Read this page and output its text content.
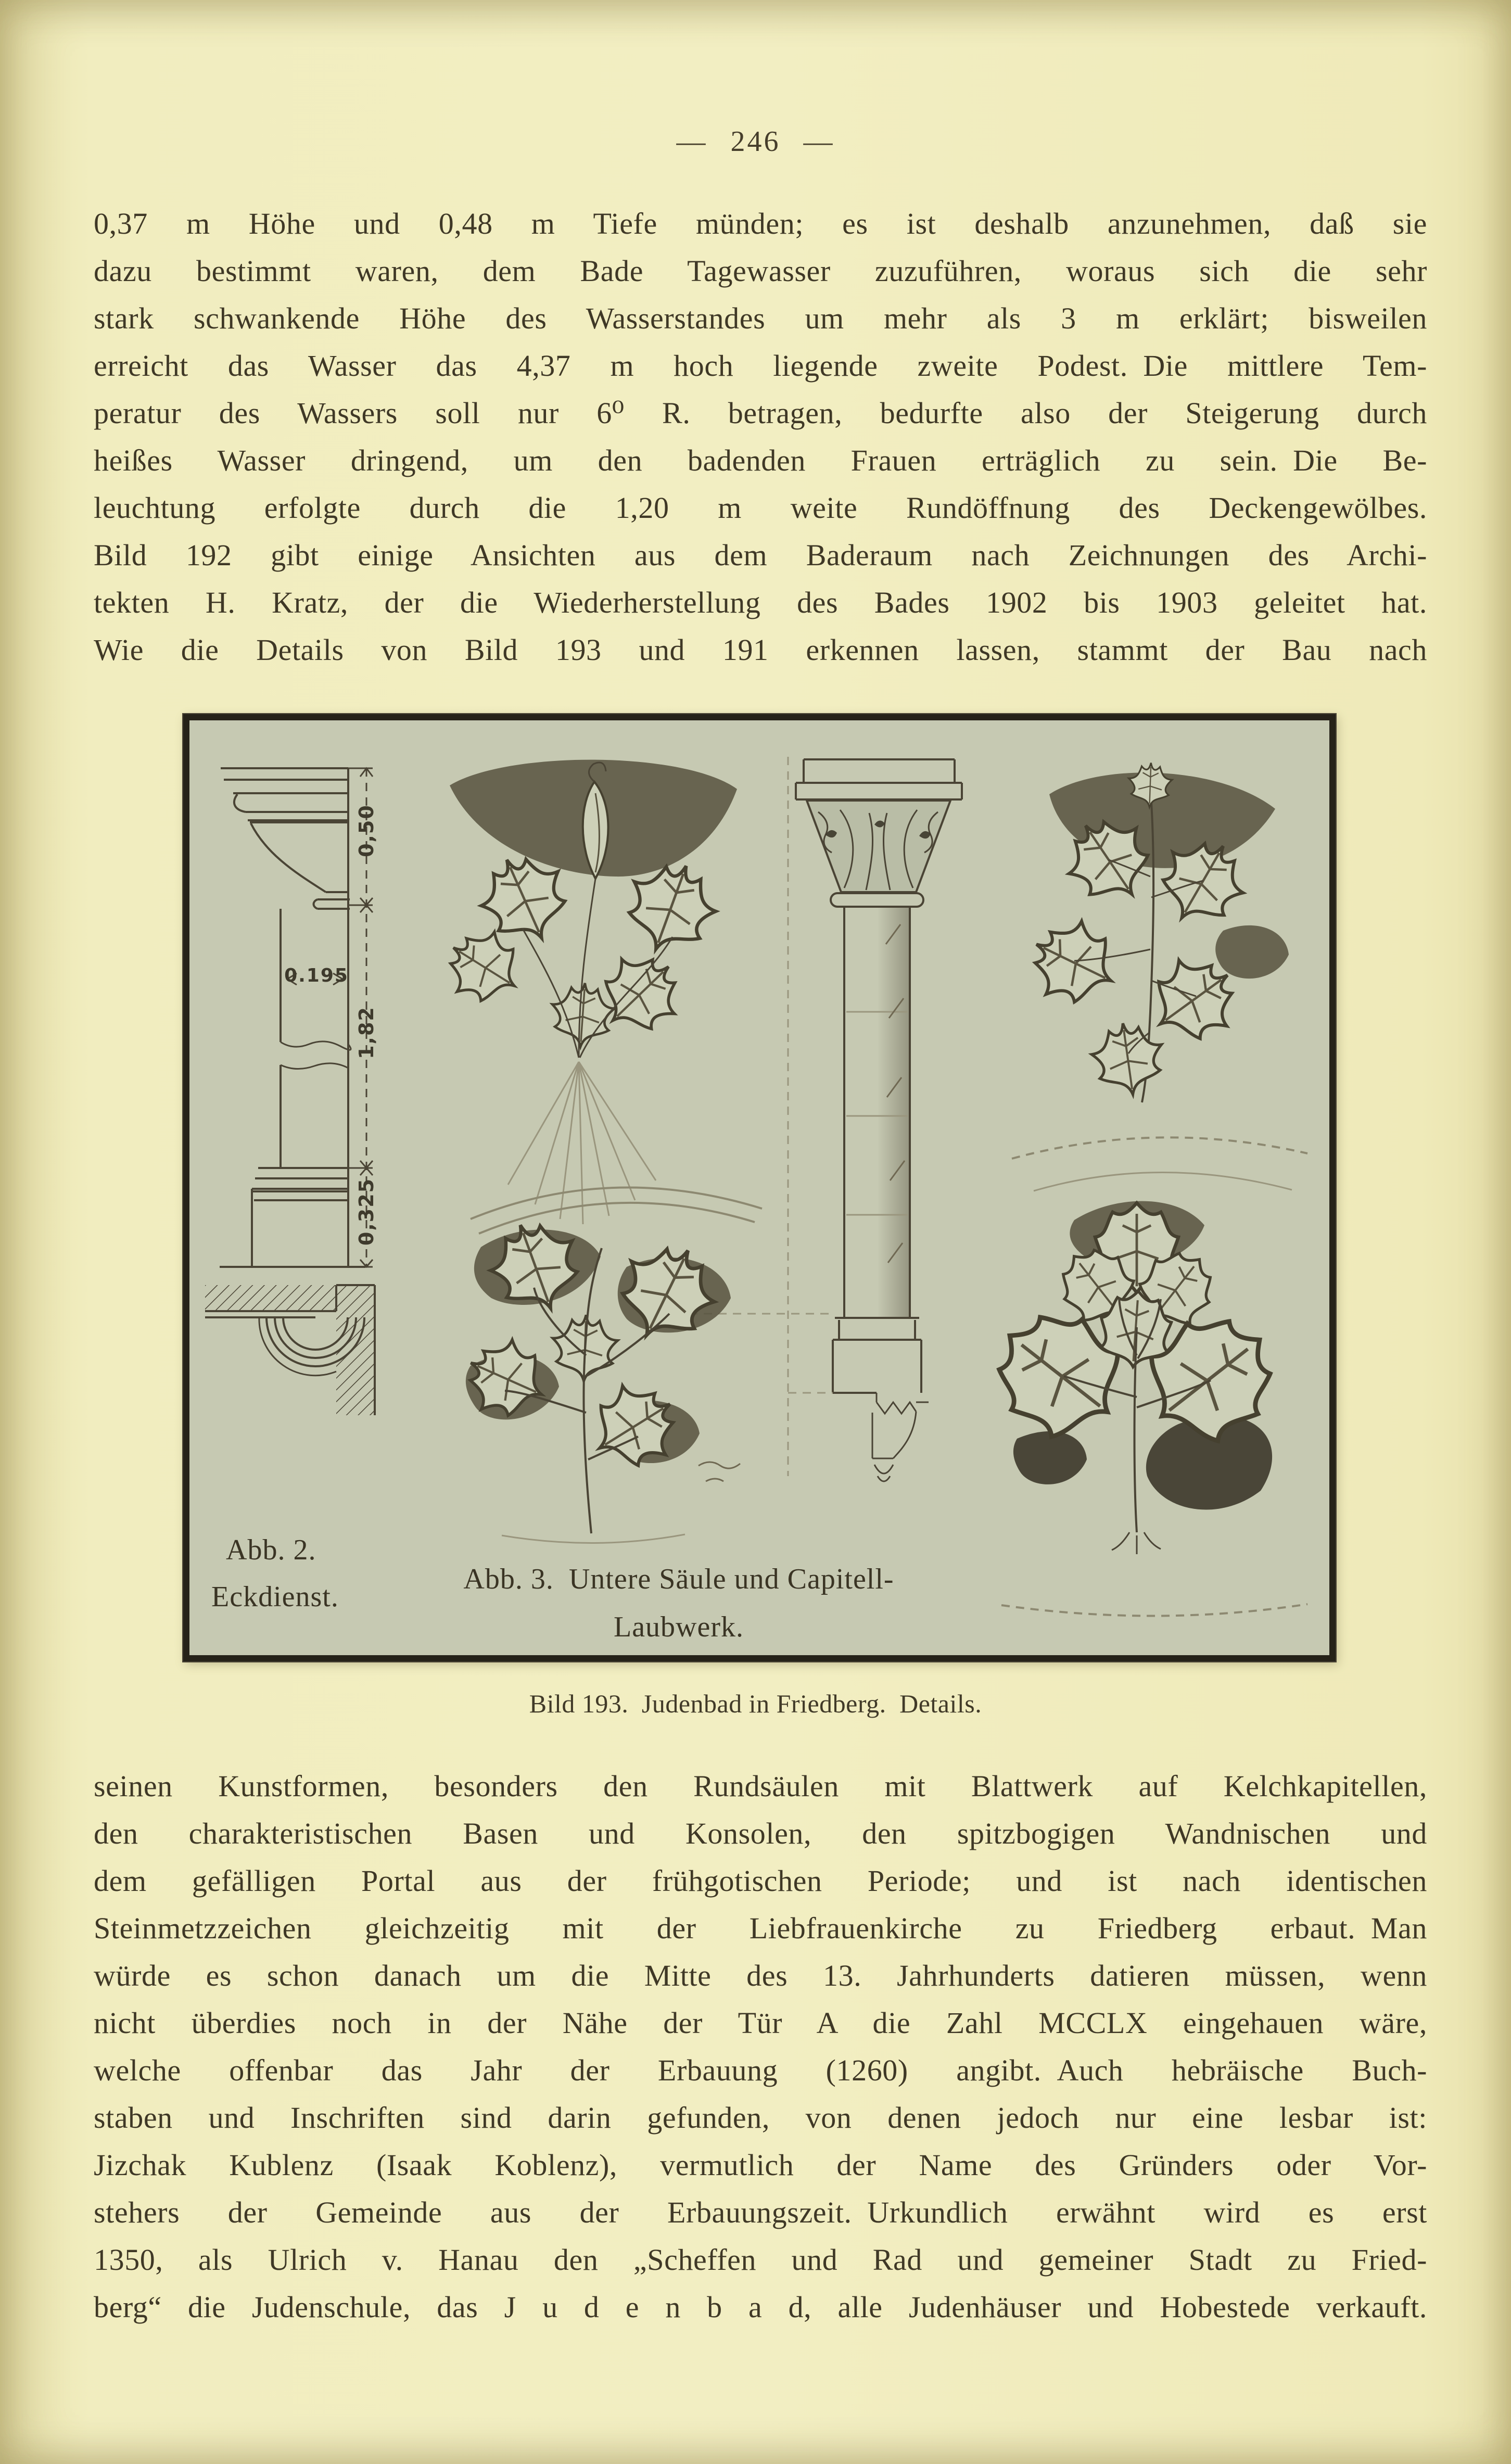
— 246 —
0,37 m Höhe und 0,48 m Tiefe münden; es ist deshalb anzunehmen, daß sie
dazu bestimmt waren, dem Bade Tagewasser zuzuführen, woraus sich die sehr
stark schwankende Höhe des Wasserstandes um mehr als 3 m erklärt; bisweilen
erreicht das Wasser das 4,37 m hoch liegende zweite Podest. Die mittlere Tem-
peratur des Wassers soll nur 6⁰ R. betragen, bedurfte also der Steigerung durch
heißes Wasser dringend, um den badenden Frauen erträglich zu sein. Die Be-
leuchtung erfolgte durch die 1,20 m weite Rundöffnung des Deckengewölbes.
Bild 192 gibt einige Ansichten aus dem Baderaum nach Zeichnungen des Archi-
tekten H. Kratz, der die Wiederherstellung des Bades 1902 bis 1903 geleitet hat.
Wie die Details von Bild 193 und 191 erkennen lassen, stammt der Bau nach
0,50
1,82
0,325
0.195
Abb. 2.
Eckdienst.
Abb. 3. Untere Säule und Capitell-
Laubwerk.
Bild 193. Judenbad in Friedberg. Details.
seinen Kunstformen, besonders den Rundsäulen mit Blattwerk auf Kelchkapitellen,
den charakteristischen Basen und Konsolen, den spitzbogigen Wandnischen und
dem gefälligen Portal aus der frühgotischen Periode; und ist nach identischen
Steinmetzzeichen gleichzeitig mit der Liebfrauenkirche zu Friedberg erbaut. Man
würde es schon danach um die Mitte des 13. Jahrhunderts datieren müssen, wenn
nicht überdies noch in der Nähe der Tür A die Zahl MCCLX eingehauen wäre,
welche offenbar das Jahr der Erbauung (1260) angibt. Auch hebräische Buch-
staben und Inschriften sind darin gefunden, von denen jedoch nur eine lesbar ist:
Jizchak Kublenz (Isaak Koblenz), vermutlich der Name des Gründers oder Vor-
stehers der Gemeinde aus der Erbauungszeit. Urkundlich erwähnt wird es erst
1350, als Ulrich v. Hanau den „Scheffen und Rad und gemeiner Stadt zu Fried-
berg“ die Judenschule, das J u d e n b a d, alle Judenhäuser und Hobestede verkauft.
